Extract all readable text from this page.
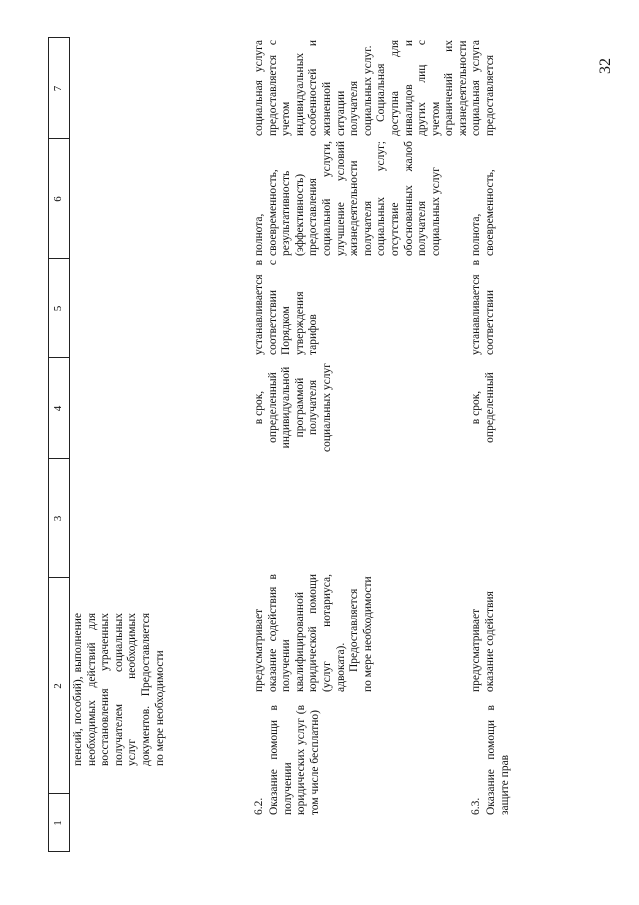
32
1
2
3
4
5
6
7

пенсий, пособий), выполнение необходимых действий для восстановления утраченных получателем социальных услуг необходимых документов. Предоставляется по мере необходимости

6.2. Оказание помощи в получении юридических услуг (в том числе бесплатно)

предусматривает оказание содействия в получении квалифицированной юридической помощи (услуг нотариуса, адвоката). Предоставляется по мере необходимости

в срок, определенный индивидуальной программой получателя социальных услуг
устанавливается в соответствии с Порядком утверждения тарифов
полнота, своевременность, результативность (эффективность) предоставления социальной услуги, улучшение условий жизнедеятельности получателя социальных услуг; отсутствие обоснованных жалоб получателя социальных услуг

социальная услуга предоставляется с учетом индивидуальных особенностей и жизненной ситуации получателя социальных услуг. Социальная доступна для инвалидов и других лиц с учетом ограничений их жизнедеятельности

6.3. Оказание помощи в защите прав
предусматривает оказание содействия
в срок, определенный
устанавливается в соответствии
полнота, своевременность,
социальная услуга предоставляется
